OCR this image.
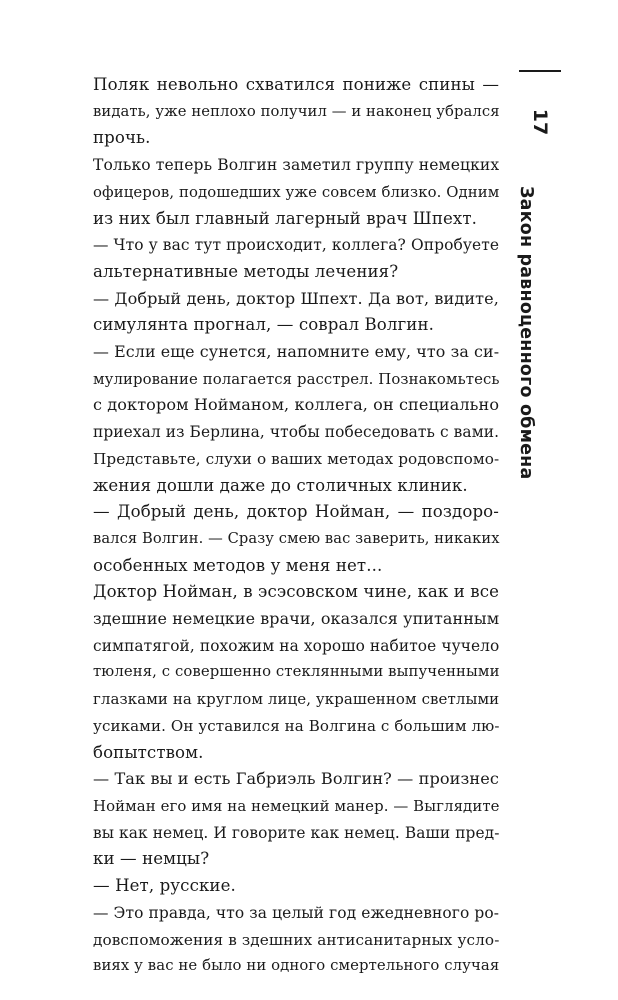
Поляк невольно схватился пониже спины —
видать, уже неплохо получил — и наконец убрался
прочь.
Только теперь Волгин заметил группу немецких
офицеров, подошедших уже совсем близко. Одним
из них был главный лагерный врач Шпехт.
— Что у вас тут происходит, коллега? Опробуете
альтернативные методы лечения?
— Добрый день, доктор Шпехт. Да вот, видите,
симулянта прогнал, — соврал Волгин.
— Если еще сунется, напомните ему, что за си-
мулирование полагается расстрел. Познакомьтесь
с доктором Нойманом, коллега, он специально
приехал из Берлина, чтобы побеседовать с вами.
Представьте, слухи о ваших методах родовспомо-
жения дошли даже до столичных клиник.
— Добрый день, доктор Нойман, — поздоро-
вался Волгин. — Сразу смею вас заверить, никаких
особенных методов у меня нет...
Доктор Нойман, в эсэсовском чине, как и все
здешние немецкие врачи, оказался упитанным
симпатягой, похожим на хорошо набитое чучело
тюленя, с совершенно стеклянными выпученными
глазками на круглом лице, украшенном светлыми
усиками. Он уставился на Волгина с большим лю-
бопытством.
— Так вы и есть Габриэль Волгин? — произнес
Нойман его имя на немецкий манер. — Выглядите
вы как немец. И говорите как немец. Ваши пред-
ки — немцы?
— Нет, русские.
— Это правда, что за целый год ежедневного ро-
довспоможения в здешних антисанитарных усло-
виях у вас не было ни одного смертельного случая

17
Закон равноценного обмена
